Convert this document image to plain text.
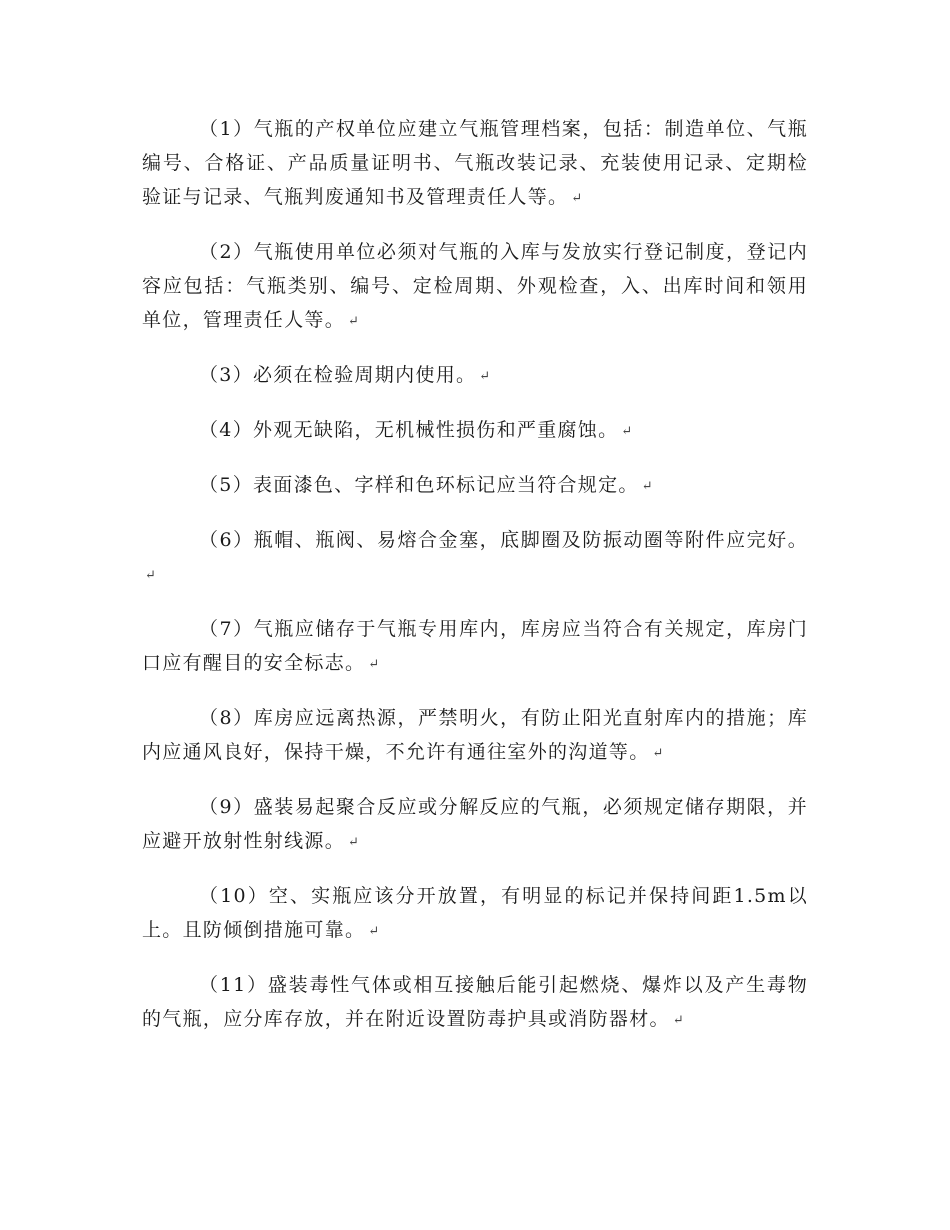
（1）气瓶的产权单位应建立气瓶管理档案，包括：制造单位、气瓶编号、合格证、产品质量证明书、气瓶改装记录、充装使用记录、定期检验证与记录、气瓶判废通知书及管理责任人等。 ↵

（2）气瓶使用单位必须对气瓶的入库与发放实行登记制度，登记内容应包括：气瓶类别、编号、定检周期、外观检查，入、出库时间和领用单位，管理责任人等。 ↵

（3）必须在检验周期内使用。 ↵

（4）外观无缺陷，无机械性损伤和严重腐蚀。 ↵

（5）表面漆色、字样和色环标记应当符合规定。 ↵

（6）瓶帽、瓶阀、易熔合金塞，底脚圈及防振动圈等附件应完好。↵

（7）气瓶应储存于气瓶专用库内，库房应当符合有关规定，库房门口应有醒目的安全标志。 ↵

（8）库房应远离热源，严禁明火，有防止阳光直射库内的措施；库内应通风良好，保持干燥，不允许有通往室外的沟道等。 ↵

（9）盛装易起聚合反应或分解反应的气瓶，必须规定储存期限，并应避开放射性射线源。 ↵

（10）空、实瓶应该分开放置，有明显的标记并保持间距1.5m以上。且防倾倒措施可靠。 ↵

（11）盛装毒性气体或相互接触后能引起燃烧、爆炸以及产生毒物的气瓶，应分库存放，并在附近设置防毒护具或消防器材。 ↵
